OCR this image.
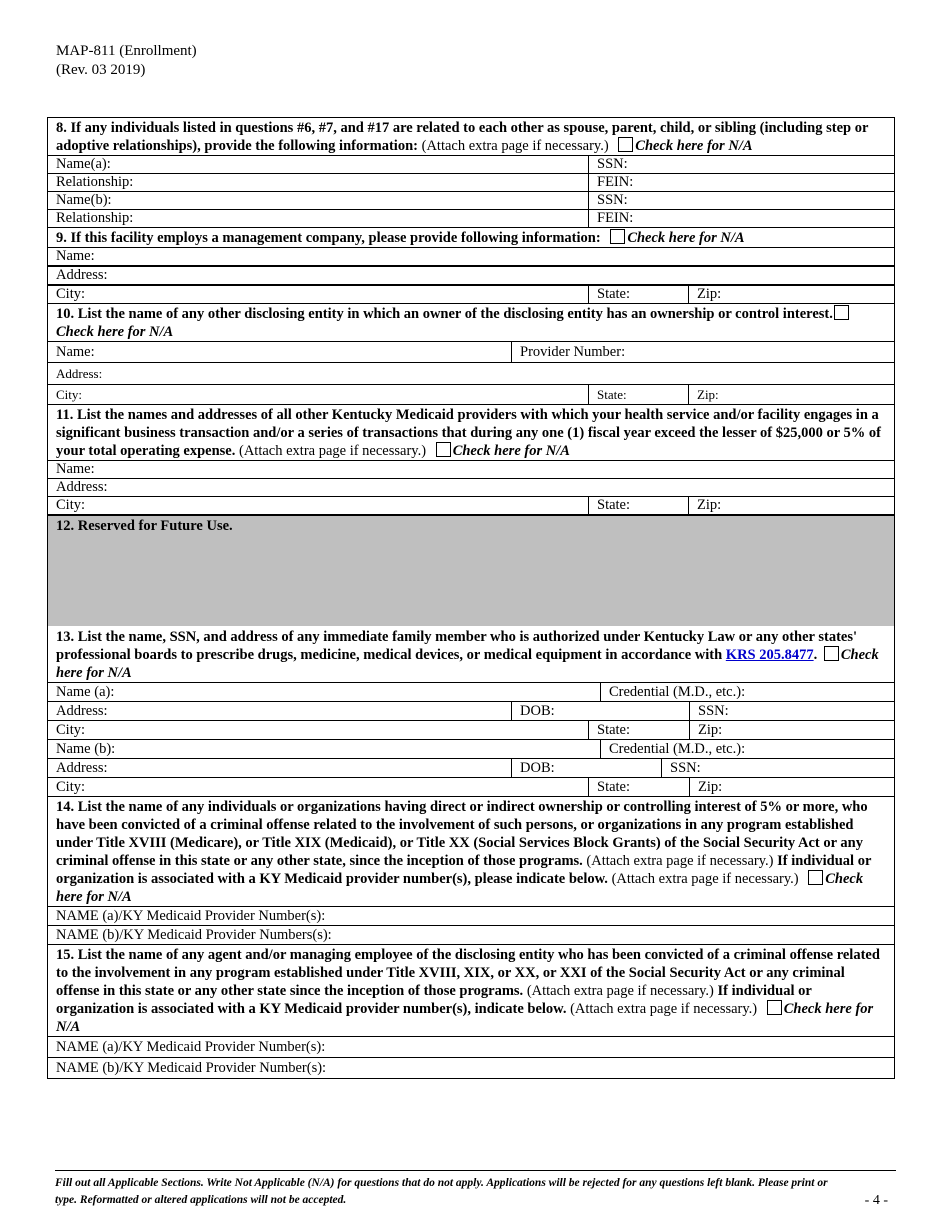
MAP-811 (Enrollment)
(Rev. 03 2019)
8. If any individuals listed in questions #6, #7, and #17 are related to each other as spouse, parent, child, or sibling (including step or adoptive relationships), provide the following information: (Attach extra page if necessary.) Check here for N/A
Name(a):	SSN:
Relationship:	FEIN:
Name(b):	SSN:
Relationship:	FEIN:
9. If this facility employs a management company, please provide following information: Check here for N/A
Name:
Address:
City:	State:	Zip:
10. List the name of any other disclosing entity in which an owner of the disclosing entity has an ownership or control interest. Check here for N/A
Name:	Provider Number:
Address:
City:	State:	Zip:
11. List the names and addresses of all other Kentucky Medicaid providers with which your health service and/or facility engages in a significant business transaction and/or a series of transactions that during any one (1) fiscal year exceed the lesser of $25,000 or 5% of your total operating expense. (Attach extra page if necessary.) Check here for N/A
Name:
Address:
City:	State:	Zip:
12. Reserved for Future Use.
13. List the name, SSN, and address of any immediate family member who is authorized under Kentucky Law or any other states' professional boards to prescribe drugs, medicine, medical devices, or medical equipment in accordance with KRS 205.8477. Check here for N/A
Name (a):	Credential (M.D., etc.):
Address:	DOB:	SSN:
City:	State:	Zip:
Name (b):	Credential (M.D., etc.):
Address:	DOB:	SSN:
City:	State:	Zip:
14. List the name of any individuals or organizations having direct or indirect ownership or controlling interest of 5% or more, who have been convicted of a criminal offense related to the involvement of such persons, or organizations in any program established under Title XVIII (Medicare), or Title XIX (Medicaid), or Title XX (Social Services Block Grants) of the Social Security Act or any criminal offense in this state or any other state, since the inception of those programs. (Attach extra page if necessary.) If individual or organization is associated with a KY Medicaid provider number(s), please indicate below. (Attach extra page if necessary.) Check here for N/A
NAME (a)/KY Medicaid Provider Number(s):
NAME (b)/KY Medicaid Provider Numbers(s):
15. List the name of any agent and/or managing employee of the disclosing entity who has been convicted of a criminal offense related to the involvement in any program established under Title XVIII, XIX, or XX, or XXI of the Social Security Act or any criminal offense in this state or any other state since the inception of those programs. (Attach extra page if necessary.) If individual or organization is associated with a KY Medicaid provider number(s), indicate below. (Attach extra page if necessary.) Check here for N/A
NAME (a)/KY Medicaid Provider Number(s):
NAME (b)/KY Medicaid Provider Number(s):
Fill out all Applicable Sections. Write Not Applicable (N/A) for questions that do not apply. Applications will be rejected for any questions left blank. Please print or type. Reformatted or altered applications will not be accepted.	- 4 -
